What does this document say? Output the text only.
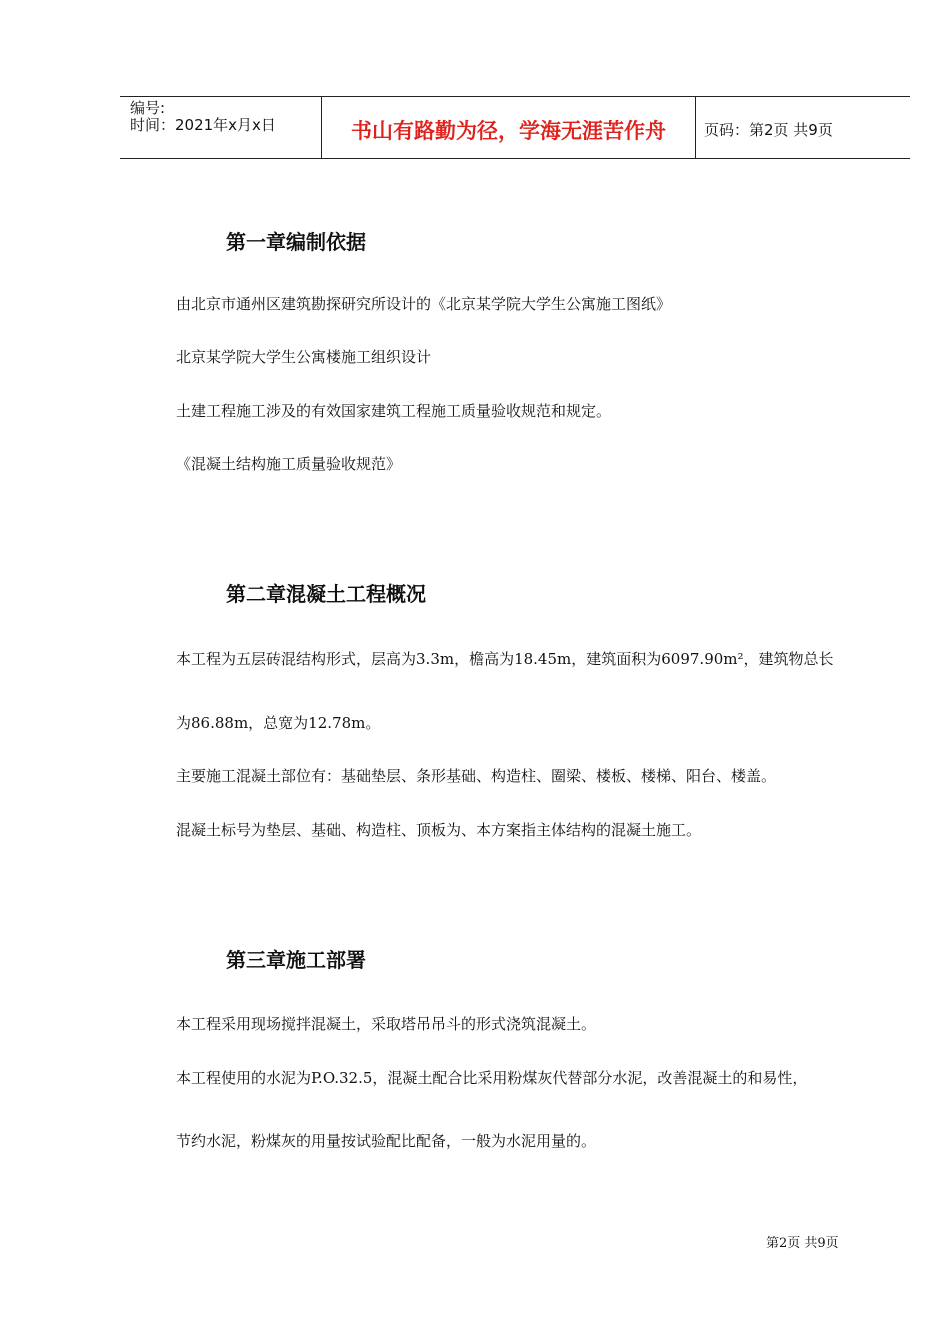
编号:
时间：2021年x月x日	书山有路勤为径，学海无涯苦作舟	页码：第2页 共9页
第一章编制依据
由北京市通州区建筑勘探研究所设计的《北京某学院大学生公寓施工图纸》
北京某学院大学生公寓楼施工组织设计
土建工程施工涉及的有效国家建筑工程施工质量验收规范和规定。
《混凝土结构施工质量验收规范》
第二章混凝土工程概况
本工程为五层砖混结构形式，层高为3.3m，檐高为18.45m，建筑面积为6097.90m²，建筑物总长
为86.88m，总宽为12.78m。
主要施工混凝土部位有：基础垫层、条形基础、构造柱、圈梁、楼板、楼梯、阳台、楼盖。
混凝土标号为垫层、基础、构造柱、顶板为、本方案指主体结构的混凝土施工。
第三章施工部署
本工程采用现场搅拌混凝土，采取塔吊吊斗的形式浇筑混凝土。
本工程使用的水泥为P.O.32.5，混凝土配合比采用粉煤灰代替部分水泥，改善混凝土的和易性，
节约水泥，粉煤灰的用量按试验配比配备，一般为水泥用量的。
第2页 共9页
